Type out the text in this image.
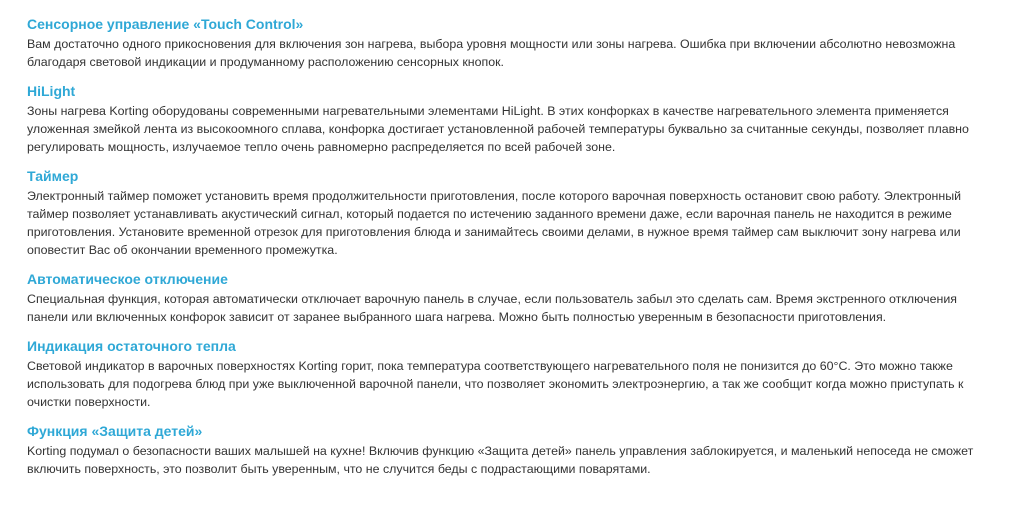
Сенсорное управление «Touch Control»

Вам достаточно одного прикосновения для включения зон нагрева, выбора уровня мощности или зоны нагрева. Ошибка при включении абсолютно невозможна благодаря световой индикации и продуманному расположению сенсорных кнопок.

HiLight

Зоны нагрева Korting оборудованы современными нагревательными элементами HiLight. В этих конфорках в качестве нагревательного элемента применяется уложенная змейкой лента из высокоомного сплава, конфорка достигает установленной рабочей температуры буквально за считанные секунды, позволяет плавно регулировать мощность, излучаемое тепло очень равномерно распределяется по всей рабочей зоне.

Таймер

Электронный таймер поможет установить время продолжительности приготовления, после которого варочная поверхность остановит свою работу. Электронный таймер позволяет устанавливать акустический сигнал, который подается по истечению заданного времени даже, если варочная панель не находится в режиме приготовления. Установите временной отрезок для приготовления блюда и занимайтесь своими делами, в нужное время таймер сам выключит зону нагрева или оповестит Вас об окончании временного промежутка.

Автоматическое отключение

Специальная функция, которая автоматически отключает варочную панель в случае, если пользователь забыл это сделать сам. Время экстренного отключения панели или включенных конфорок зависит от заранее выбранного шага нагрева. Можно быть полностью уверенным в безопасности приготовления.

Индикация остаточного тепла

Световой индикатор в варочных поверхностях Korting горит, пока температура соответствующего нагревательного поля не понизится до 60°C. Это можно также использовать для подогрева блюд при уже выключенной варочной панели, что позволяет экономить электроэнергию, а так же сообщит когда можно приступать к очистки поверхности.

Функция «Защита детей»

Korting подумал о безопасности ваших малышей на кухне! Включив функцию «Защита детей» панель управления заблокируется, и маленький непоседа не сможет включить поверхность, это позволит быть уверенным, что не случится беды с подрастающими поварятами.
